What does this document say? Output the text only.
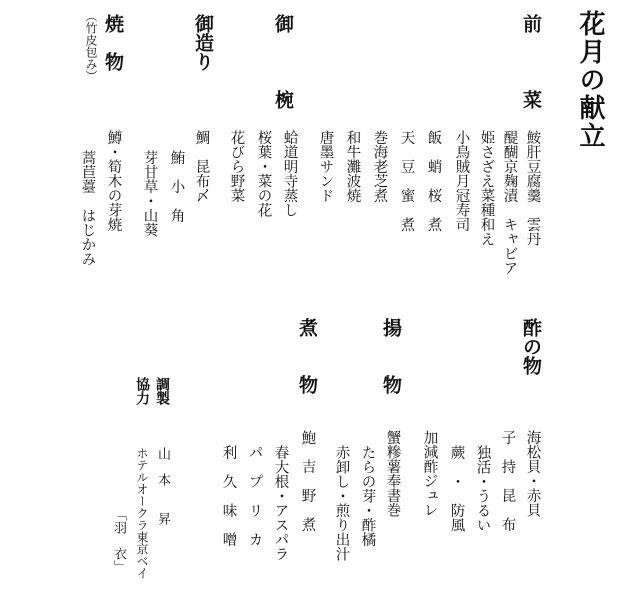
花月の献立
前　　　菜
鮟肝豆腐羹　雲丹
醍醐京麹漬　キャビア
姫さざえ菜種和え
小鳥賊月冠寿司
飯　蛸　桜　煮
天　豆　蜜　煮
巻海老芝煮
和牛灘波焼
唐墨サンド
御　　　椀
蛤道明寺蒸し
桜葉・菜の花
花びら野菜
御造り
鯛　昆布〆
鮪　小　角
芽甘草・山葵
焼　物
（竹皮包み）
鱒・筍木の芽焼
蒿苣薹　はじかみ
酢の物
海松貝・赤貝
子　持　昆　布
独活・うるい
蕨　・　防風
加減酢ジュレ
揚　　物
蟹糝薯奉書巻
たらの芽・酢橘
赤卸し・煎り出汁
煮　　物
鮑　吉　野　煮
春大根・アスパラ
パ　プ　リ　カ
利　久　味　噌
調製
山　本　　昇
協力
ホテルオークラ東京ベイ
「羽　衣」
